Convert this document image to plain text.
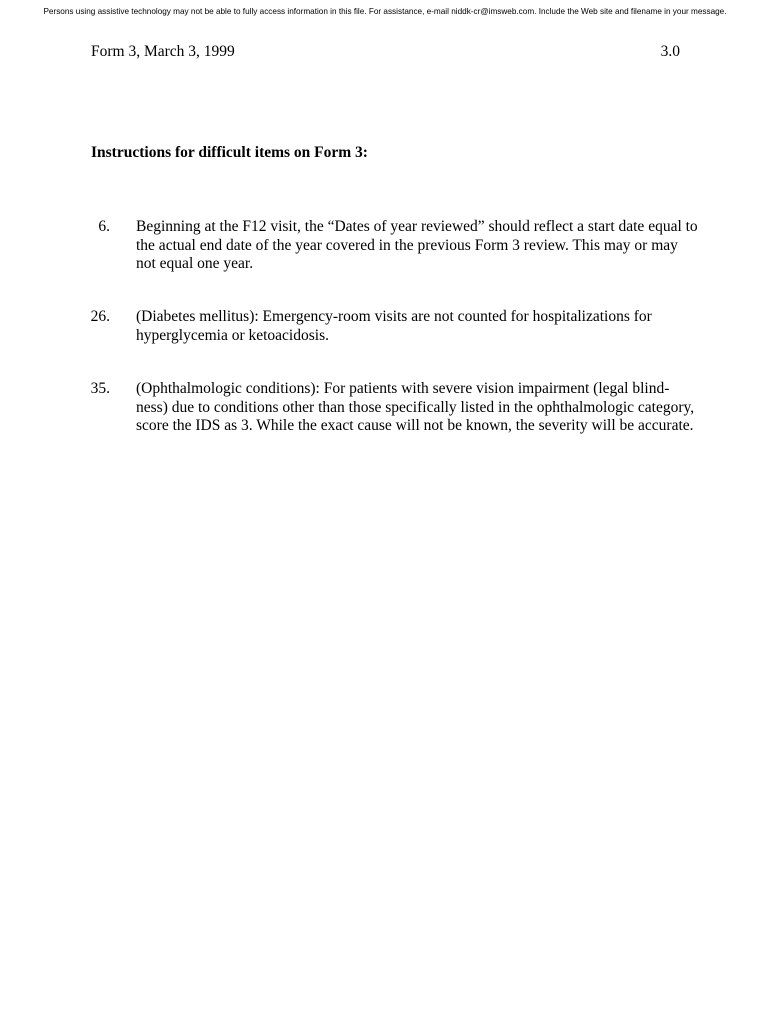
Persons using assistive technology may not be able to fully access information in this file. For assistance, e-mail niddk-cr@imsweb.com. Include the Web site and filename in your message.
Form 3, March 3, 1999	3.0
Instructions for difficult items on Form 3:
6. Beginning at the F12 visit, the “Dates of year reviewed” should reflect a start date equal to
the actual end date of the year covered in the previous Form 3 review. This may or may
not equal one year.
26. (Diabetes mellitus): Emergency-room visits are not counted for hospitalizations for
hyperglycemia or ketoacidosis.
35. (Ophthalmologic conditions): For patients with severe vision impairment (legal blind-
ness) due to conditions other than those specifically listed in the ophthalmologic category,
score the IDS as 3. While the exact cause will not be known, the severity will be accurate.
